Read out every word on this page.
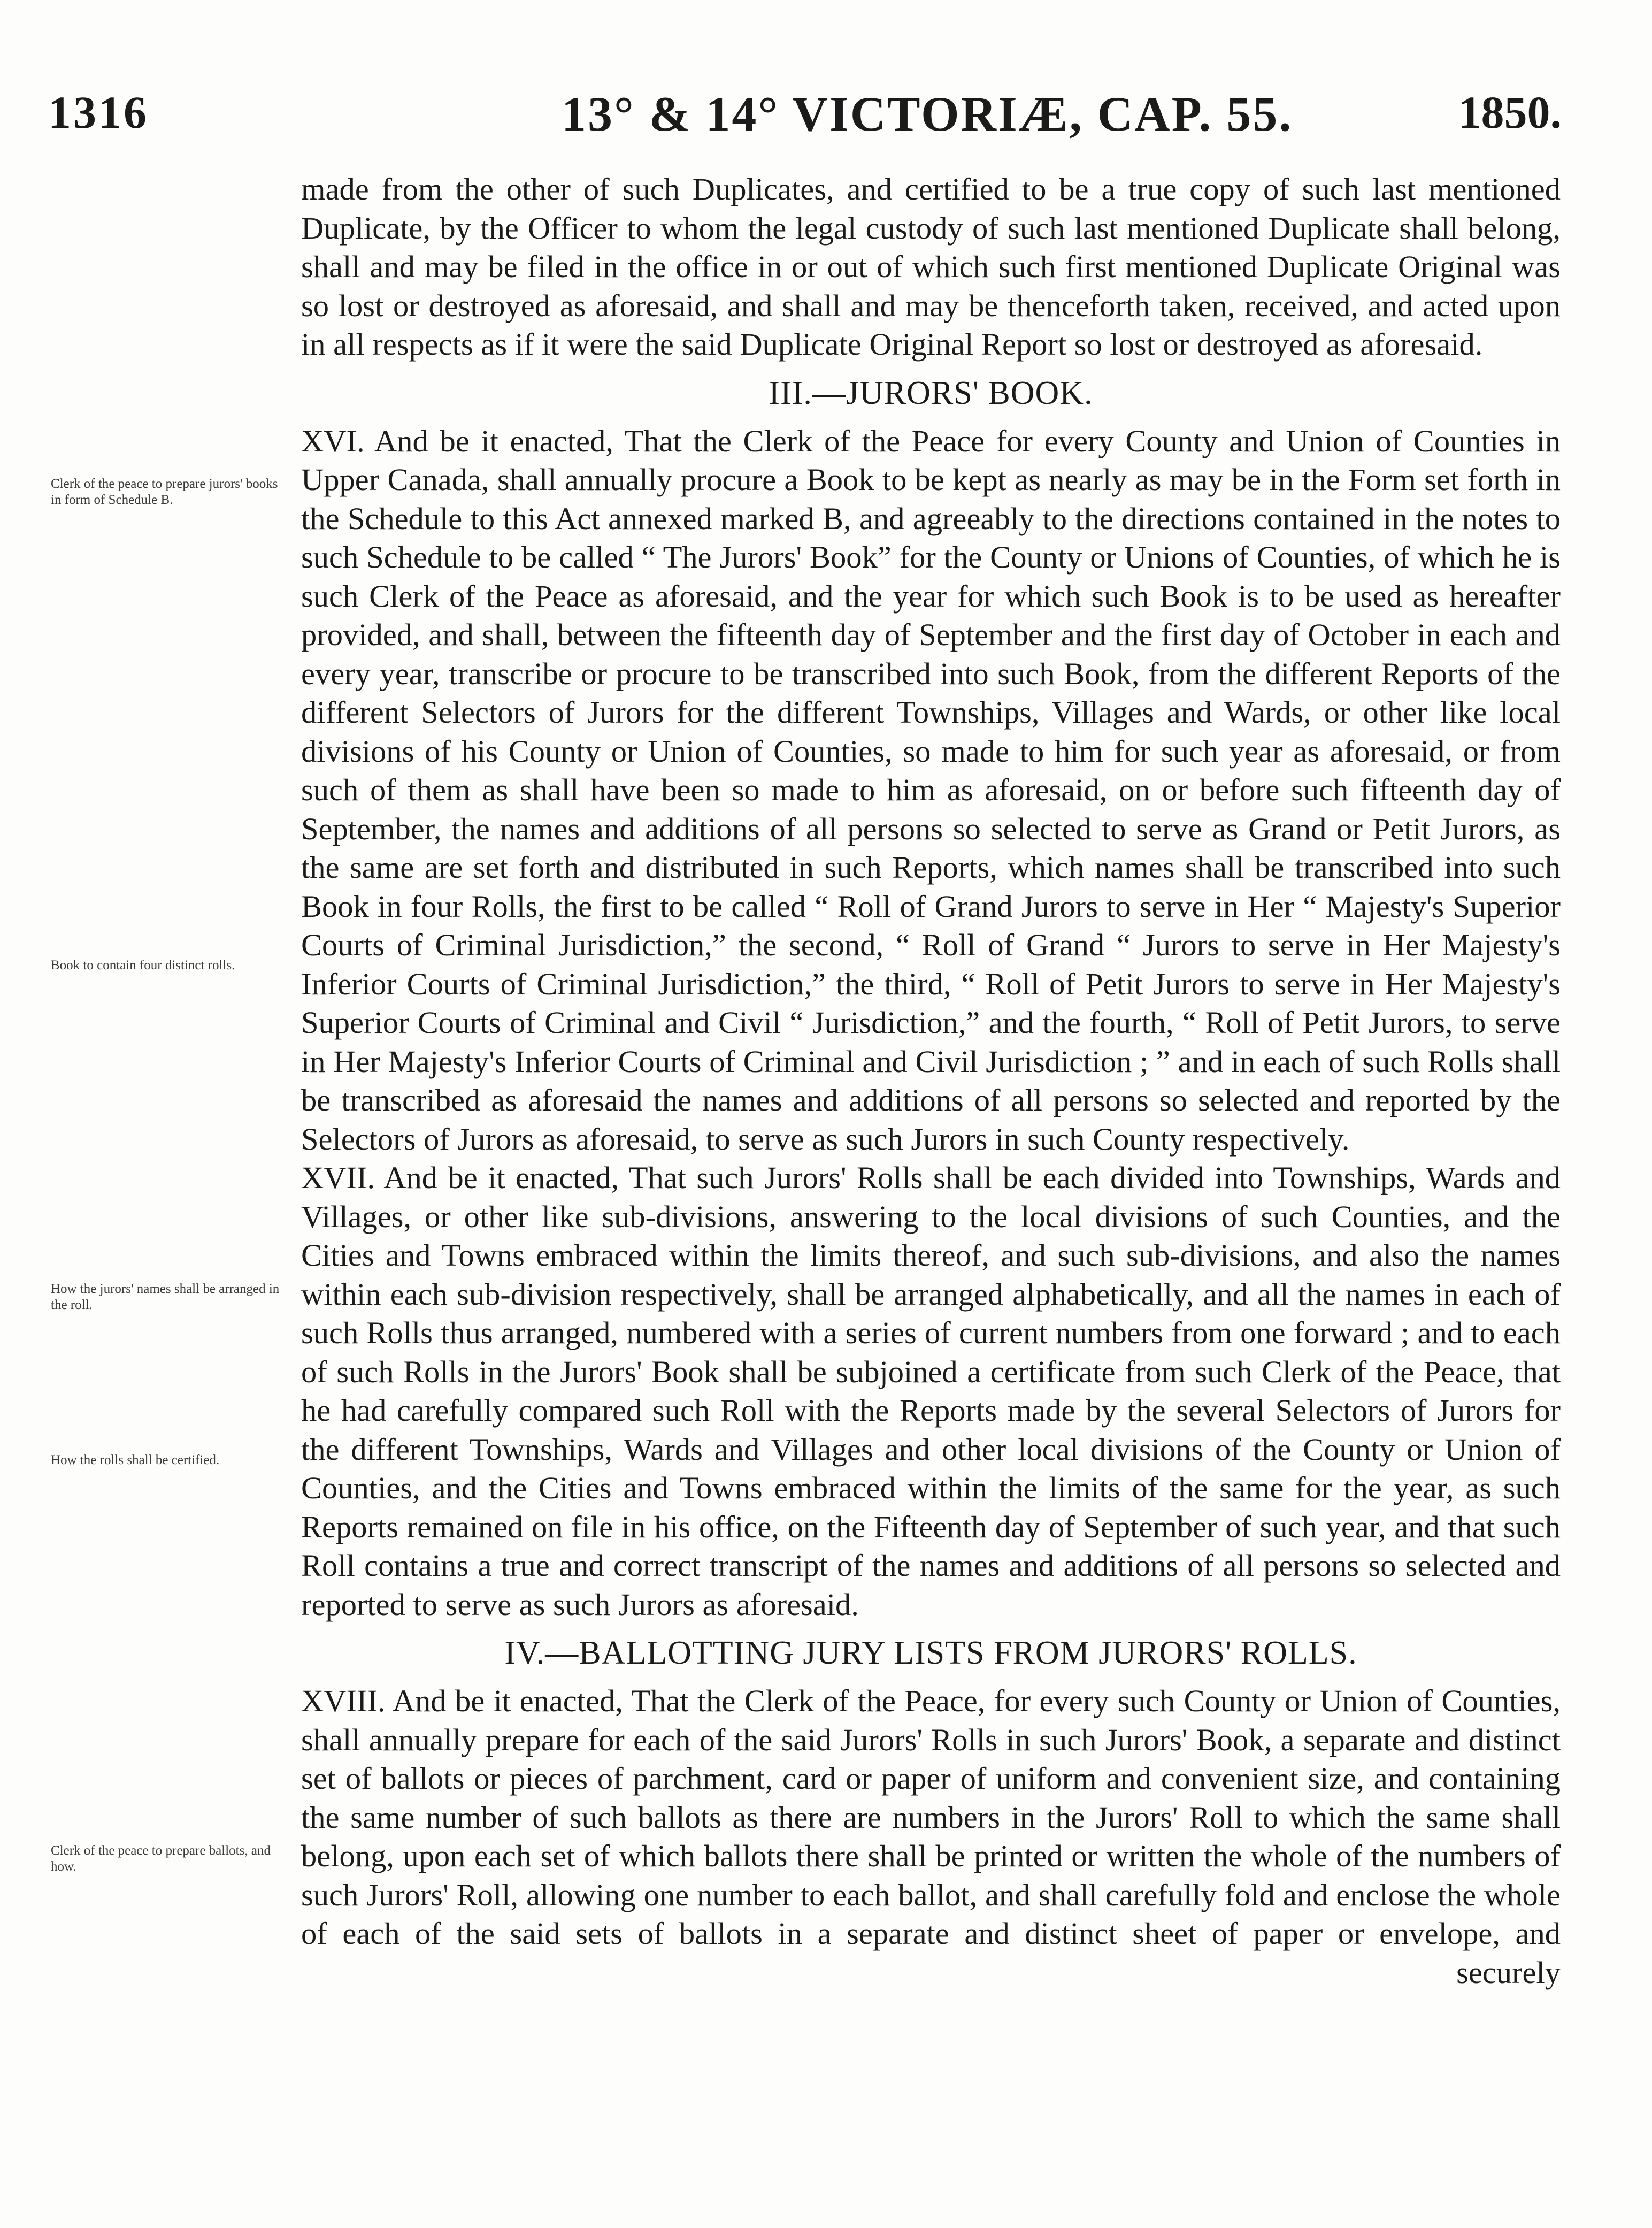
1316	13° & 14° VICTORIÆ, CAP. 55.	1850.
Clerk of the peace to prepare jurors' books in form of Schedule B.
Book to contain four distinct rolls.
How the jurors' names shall be arranged in the roll.
How the rolls shall be certified.
Clerk of the peace to prepare ballots, and how.

made from the other of such Duplicates, and certified to be a true copy of such last mentioned Duplicate, by the Officer to whom the legal custody of such last mentioned Duplicate shall belong, shall and may be filed in the office in or out of which such first mentioned Duplicate Original was so lost or destroyed as aforesaid, and shall and may be thenceforth taken, received, and acted upon in all respects as if it were the said Duplicate Original Report so lost or destroyed as aforesaid.

III.—JURORS' BOOK.

XVI. And be it enacted, That the Clerk of the Peace for every County and Union of Counties in Upper Canada, shall annually procure a Book to be kept as nearly as may be in the Form set forth in the Schedule to this Act annexed marked B, and agreeably to the directions contained in the notes to such Schedule to be called “ The Jurors' Book” for the County or Unions of Counties, of which he is such Clerk of the Peace as aforesaid, and the year for which such Book is to be used as hereafter provided, and shall, between the fifteenth day of September and the first day of October in each and every year, transcribe or procure to be transcribed into such Book, from the different Reports of the different Selectors of Jurors for the different Townships, Villages and Wards, or other like local divisions of his County or Union of Counties, so made to him for such year as aforesaid, or from such of them as shall have been so made to him as aforesaid, on or before such fifteenth day of September, the names and additions of all persons so selected to serve as Grand or Petit Jurors, as the same are set forth and distributed in such Reports, which names shall be transcribed into such Book in four Rolls, the first to be called “ Roll of Grand Jurors to serve in Her “ Majesty's Superior Courts of Criminal Jurisdiction,” the second, “ Roll of Grand “ Jurors to serve in Her Majesty's Inferior Courts of Criminal Jurisdiction,” the third, “ Roll of Petit Jurors to serve in Her Majesty's Superior Courts of Criminal and Civil “ Jurisdiction,” and the fourth, “ Roll of Petit Jurors, to serve in Her Majesty's Inferior Courts of Criminal and Civil Jurisdiction ; ” and in each of such Rolls shall be transcribed as aforesaid the names and additions of all persons so selected and reported by the Selectors of Jurors as aforesaid, to serve as such Jurors in such County respectively.

XVII. And be it enacted, That such Jurors' Rolls shall be each divided into Townships, Wards and Villages, or other like sub-divisions, answering to the local divisions of such Counties, and the Cities and Towns embraced within the limits thereof, and such sub-divisions, and also the names within each sub-division respectively, shall be arranged alphabetically, and all the names in each of such Rolls thus arranged, numbered with a series of current numbers from one forward ; and to each of such Rolls in the Jurors' Book shall be subjoined a certificate from such Clerk of the Peace, that he had carefully compared such Roll with the Reports made by the several Selectors of Jurors for the different Townships, Wards and Villages and other local divisions of the County or Union of Counties, and the Cities and Towns embraced within the limits of the same for the year, as such Reports remained on file in his office, on the Fifteenth day of September of such year, and that such Roll contains a true and correct transcript of the names and additions of all persons so selected and reported to serve as such Jurors as aforesaid.

IV.—BALLOTTING JURY LISTS FROM JURORS' ROLLS.

XVIII. And be it enacted, That the Clerk of the Peace, for every such County or Union of Counties, shall annually prepare for each of the said Jurors' Rolls in such Jurors' Book, a separate and distinct set of ballots or pieces of parchment, card or paper of uniform and convenient size, and containing the same number of such ballots as there are numbers in the Jurors' Roll to which the same shall belong, upon each set of which ballots there shall be printed or written the whole of the numbers of such Jurors' Roll, allowing one number to each ballot, and shall carefully fold and enclose the whole of each of the said sets of ballots in a separate and distinct sheet of paper or envelope, and

securely
